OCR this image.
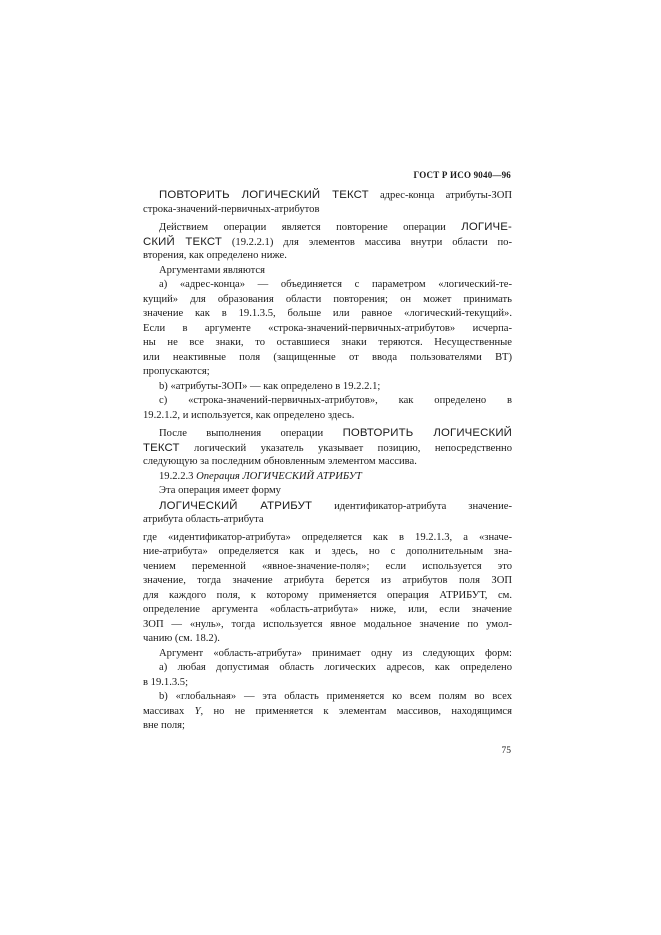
ГОСТ Р ИСО 9040—96
ПОВТОРИТЬ ЛОГИЧЕСКИЙ ТЕКСТ адрес-конца атрибуты-ЗОП
строка-значений-первичных-атрибутов
Действием операции является повторение операции ЛОГИЧЕ-
СКИЙ ТЕКСТ (19.2.2.1) для элементов массива внутри области по-
вторения, как определено ниже.
Аргументами являются
а) «адрес-конца» — объединяется с параметром «логический-те-
кущий» для образования области повторения; он может принимать
значение как в 19.1.3.5, больше или равное «логический-текущий».
Если в аргументе «строка-значений-первичных-атрибутов» исчерпа-
ны не все знаки, то оставшиеся знаки теряются. Несущественные
или неактивные поля (защищенные от ввода пользователями ВТ)
пропускаются;
b) «атрибуты-ЗОП» — как определено в 19.2.2.1;
с) «строка-значений-первичных-атрибутов», как определено в
19.2.1.2, и используется, как определено здесь.
После выполнения операции ПОВТОРИТЬ ЛОГИЧЕСКИЙ
ТЕКСТ логический указатель указывает позицию, непосредственно
следующую за последним обновленным элементом массива.
19.2.2.3 Операция ЛОГИЧЕСКИЙ АТРИБУТ
Эта операция имеет форму
ЛОГИЧЕСКИЙ АТРИБУТ идентификатор-атрибута значение-
атрибута область-атрибута
где «идентификатор-атрибута» определяется как в 19.2.1.3, а «значе-
ние-атрибута» определяется как и здесь, но с дополнительным зна-
чением переменной «явное-значение-поля»; если используется это
значение, тогда значение атрибута берется из атрибутов поля ЗОП
для каждого поля, к которому применяется операция АТРИБУТ, см.
определение аргумента «область-атрибута» ниже, или, если значение
ЗОП — «нуль», тогда используется явное модальное значение по умол-
чанию (см. 18.2).
Аргумент «область-атрибута» принимает одну из следующих форм:
а) любая допустимая область логических адресов, как определено
в 19.1.3.5;
b) «глобальная» — эта область применяется ко всем полям во всех
массивах Y, но не применяется к элементам массивов, находящимся
вне поля;
75
